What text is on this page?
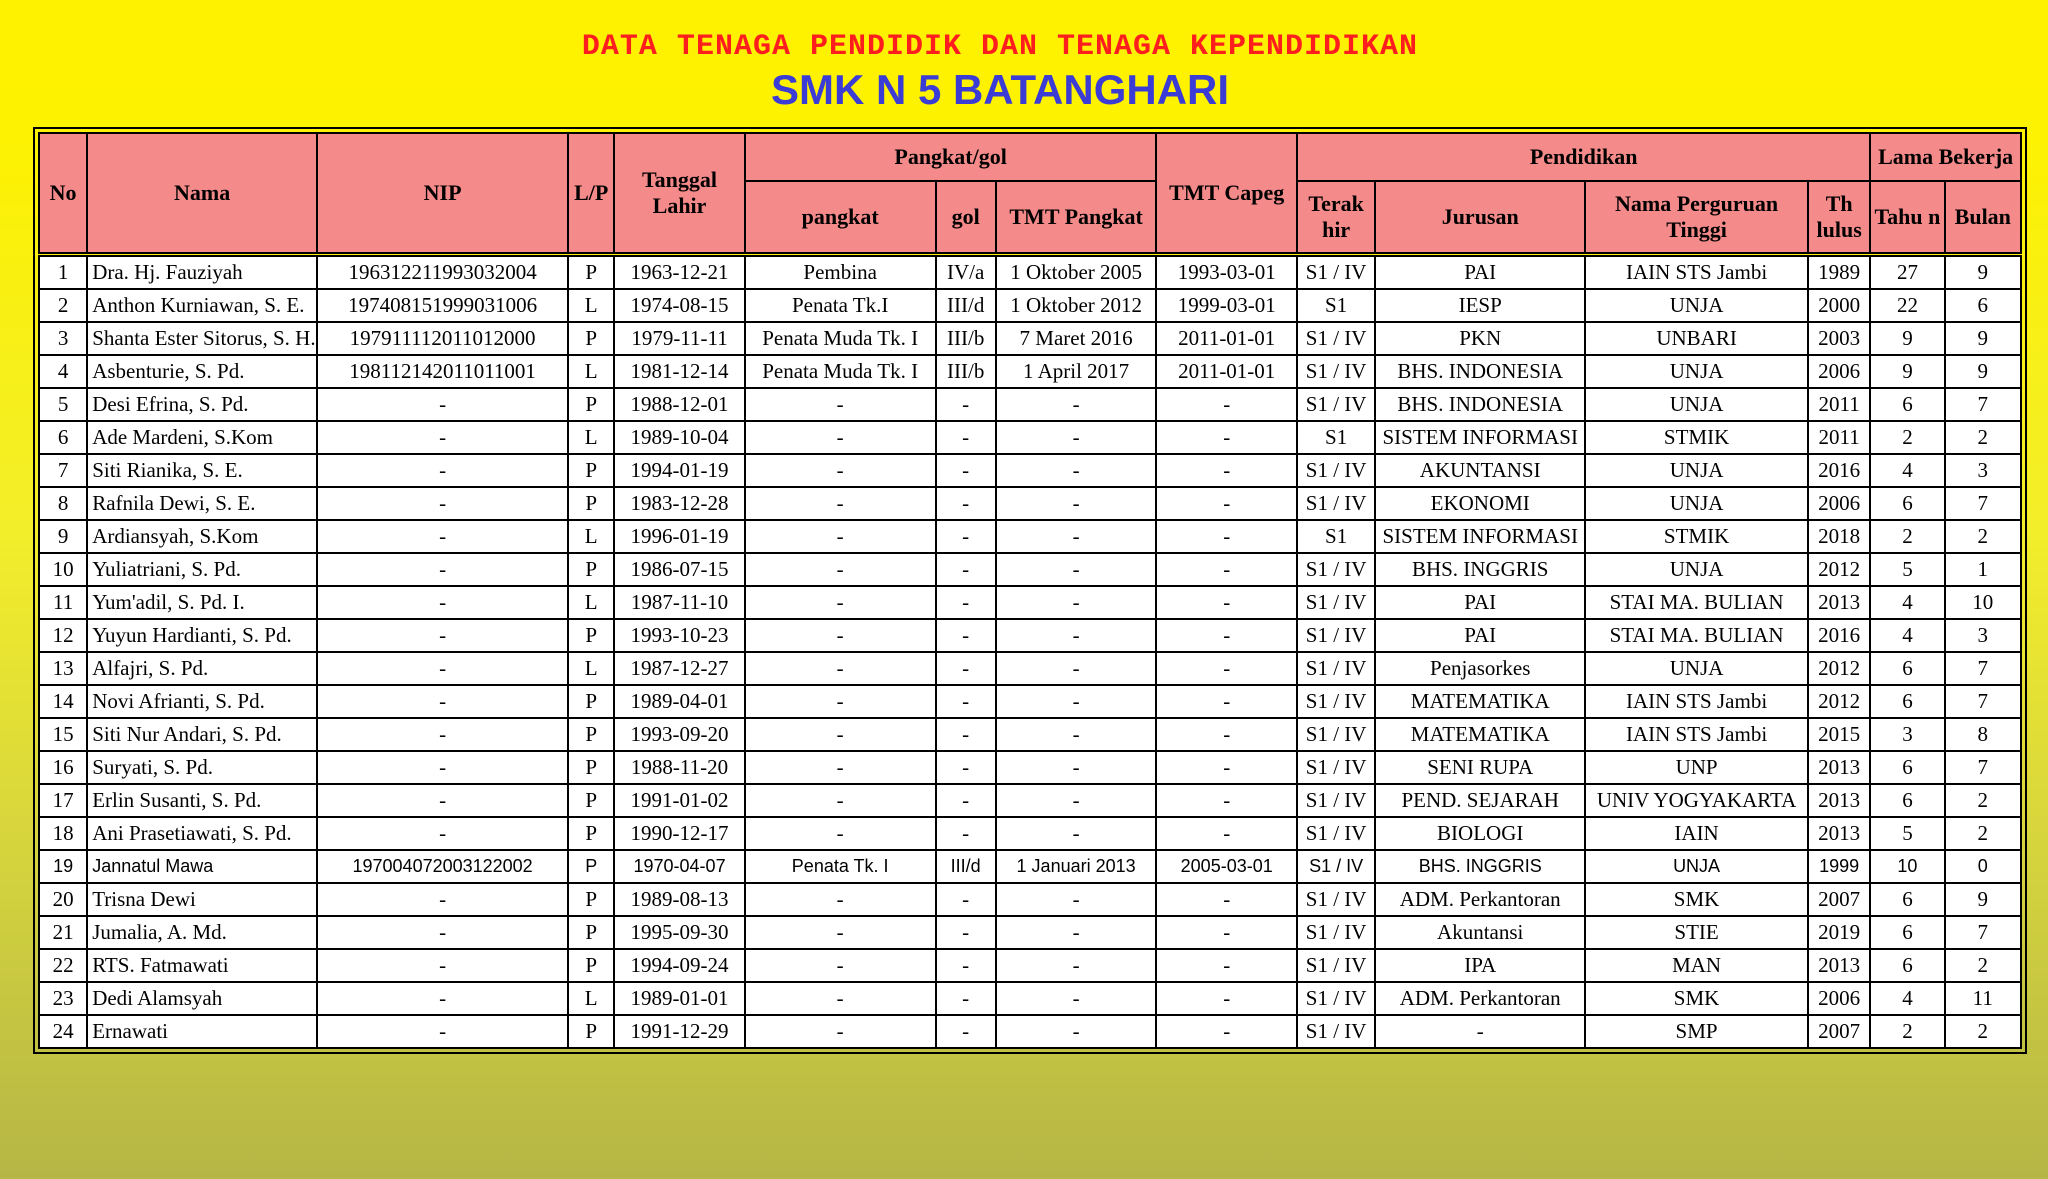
DATA TENAGA PENDIDIK DAN TENAGA KEPENDIDIKAN
SMK N 5 BATANGHARI
No	Nama	NIP	L/P	Tanggal Lahir	Pangkat/gol			TMT Capeg	Pendidikan				Lama Bekerja	
					pangkat	gol	TMT Pangkat		Terak hir	Jurusan	Nama Perguruan Tinggi	Th lulus	Tahu n	Bulan
1	Dra. Hj. Fauziyah	196312211993032004	P	1963-12-21	Pembina	IV/a	1 Oktober 2005	1993-03-01	S1 / IV	PAI	IAIN STS Jambi	1989	27	9
2	Anthon Kurniawan, S. E.	197408151999031006	L	1974-08-15	Penata Tk.I	III/d	1 Oktober 2012	1999-03-01	S1	IESP	UNJA	2000	22	6
3	Shanta Ester Sitorus, S. H.	197911112011012000	P	1979-11-11	Penata Muda Tk. I	III/b	7 Maret 2016	2011-01-01	S1 / IV	PKN	UNBARI	2003	9	9
4	Asbenturie, S. Pd.	198112142011011001	L	1981-12-14	Penata Muda Tk. I	III/b	1 April 2017	2011-01-01	S1 / IV	BHS. INDONESIA	UNJA	2006	9	9
5	Desi Efrina, S. Pd.	-	P	1988-12-01	-	-	-	-	S1 / IV	BHS. INDONESIA	UNJA	2011	6	7
6	Ade Mardeni, S.Kom	-	L	1989-10-04	-	-	-	-	S1	SISTEM INFORMASI	STMIK	2011	2	2
7	Siti Rianika, S. E.	-	P	1994-01-19	-	-	-	-	S1 / IV	AKUNTANSI	UNJA	2016	4	3
8	Rafnila Dewi, S. E.	-	P	1983-12-28	-	-	-	-	S1 / IV	EKONOMI	UNJA	2006	6	7
9	Ardiansyah, S.Kom	-	L	1996-01-19	-	-	-	-	S1	SISTEM INFORMASI	STMIK	2018	2	2
10	Yuliatriani, S. Pd.	-	P	1986-07-15	-	-	-	-	S1 / IV	BHS. INGGRIS	UNJA	2012	5	1
11	Yum'adil, S. Pd. I.	-	L	1987-11-10	-	-	-	-	S1 / IV	PAI	STAI MA. BULIAN	2013	4	10
12	Yuyun Hardianti, S. Pd.	-	P	1993-10-23	-	-	-	-	S1 / IV	PAI	STAI MA. BULIAN	2016	4	3
13	Alfajri, S. Pd.	-	L	1987-12-27	-	-	-	-	S1 / IV	Penjasorkes	UNJA	2012	6	7
14	Novi Afrianti, S. Pd.	-	P	1989-04-01	-	-	-	-	S1 / IV	MATEMATIKA	IAIN STS Jambi	2012	6	7
15	Siti Nur Andari, S. Pd.	-	P	1993-09-20	-	-	-	-	S1 / IV	MATEMATIKA	IAIN STS Jambi	2015	3	8
16	Suryati, S. Pd.	-	P	1988-11-20	-	-	-	-	S1 / IV	SENI RUPA	UNP	2013	6	7
17	Erlin Susanti, S. Pd.	-	P	1991-01-02	-	-	-	-	S1 / IV	PEND. SEJARAH	UNIV YOGYAKARTA	2013	6	2
18	Ani Prasetiawati, S. Pd.	-	P	1990-12-17	-	-	-	-	S1 / IV	BIOLOGI	IAIN	2013	5	2
19	Jannatul Mawa	197004072003122002	P	1970-04-07	Penata Tk. I	III/d	1 Januari 2013	2005-03-01	S1 / IV	BHS. INGGRIS	UNJA	1999	10	0
20	Trisna Dewi	-	P	1989-08-13	-	-	-	-	S1 / IV	ADM. Perkantoran	SMK	2007	6	9
21	Jumalia, A. Md.	-	P	1995-09-30	-	-	-	-	S1 / IV	Akuntansi	STIE	2019	6	7
22	RTS. Fatmawati	-	P	1994-09-24	-	-	-	-	S1 / IV	IPA	MAN	2013	6	2
23	Dedi Alamsyah	-	L	1989-01-01	-	-	-	-	S1 / IV	ADM. Perkantoran	SMK	2006	4	11
24	Ernawati	-	P	1991-12-29	-	-	-	-	S1 / IV	-	SMP	2007	2	2
